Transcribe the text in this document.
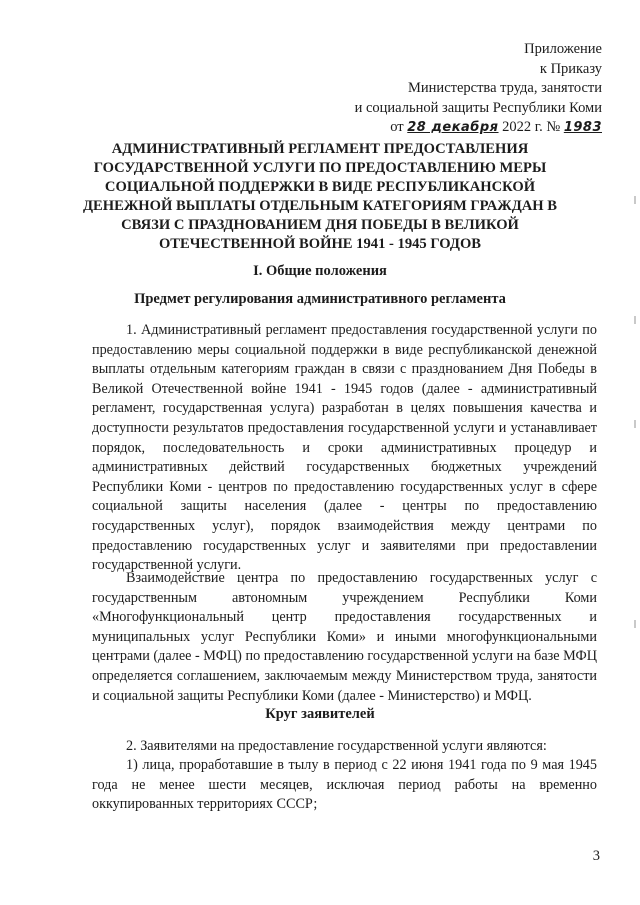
Приложение
к Приказу
Министерства труда, занятости
и социальной защиты Республики Коми
от 28 декабря 2022 г. № 1983
АДМИНИСТРАТИВНЫЙ РЕГЛАМЕНТ ПРЕДОСТАВЛЕНИЯ ГОСУДАРСТВЕННОЙ УСЛУГИ ПО ПРЕДОСТАВЛЕНИЮ МЕРЫ СОЦИАЛЬНОЙ ПОДДЕРЖКИ В ВИДЕ РЕСПУБЛИКАНСКОЙ ДЕНЕЖНОЙ ВЫПЛАТЫ ОТДЕЛЬНЫМ КАТЕГОРИЯМ ГРАЖДАН В СВЯЗИ С ПРАЗДНОВАНИЕМ ДНЯ ПОБЕДЫ В ВЕЛИКОЙ ОТЕЧЕСТВЕННОЙ ВОЙНЕ 1941 - 1945 ГОДОВ
I. Общие положения
Предмет регулирования административного регламента

1. Административный регламент предоставления государственной услуги по предоставлению меры социальной поддержки в виде республиканской денежной выплаты отдельным категориям граждан в связи с празднованием Дня Победы в Великой Отечественной войне 1941 - 1945 годов (далее - административный регламент, государственная услуга) разработан в целях повышения качества и доступности результатов предоставления государственной услуги и устанавливает порядок, последовательность и сроки административных процедур и административных действий государственных бюджетных учреждений Республики Коми - центров по предоставлению государственных услуг в сфере социальной защиты населения (далее - центры по предоставлению государственных услуг), порядок взаимодействия между центрами по предоставлению государственных услуг и заявителями при предоставлении государственной услуги.

Взаимодействие центра по предоставлению государственных услуг с государственным автономным учреждением Республики Коми «Многофункциональный центр предоставления государственных и муниципальных услуг Республики Коми» и иными многофункциональными центрами (далее - МФЦ) по предоставлению государственной услуги на базе МФЦ определяется соглашением, заключаемым между Министерством труда, занятости и социальной защиты Республики Коми (далее - Министерство) и МФЦ.

Круг заявителей

2. Заявителями на предоставление государственной услуги являются:

1) лица, проработавшие в тылу в период с 22 июня 1941 года по 9 мая 1945 года не менее шести месяцев, исключая период работы на временно оккупированных территориях СССР;

3
